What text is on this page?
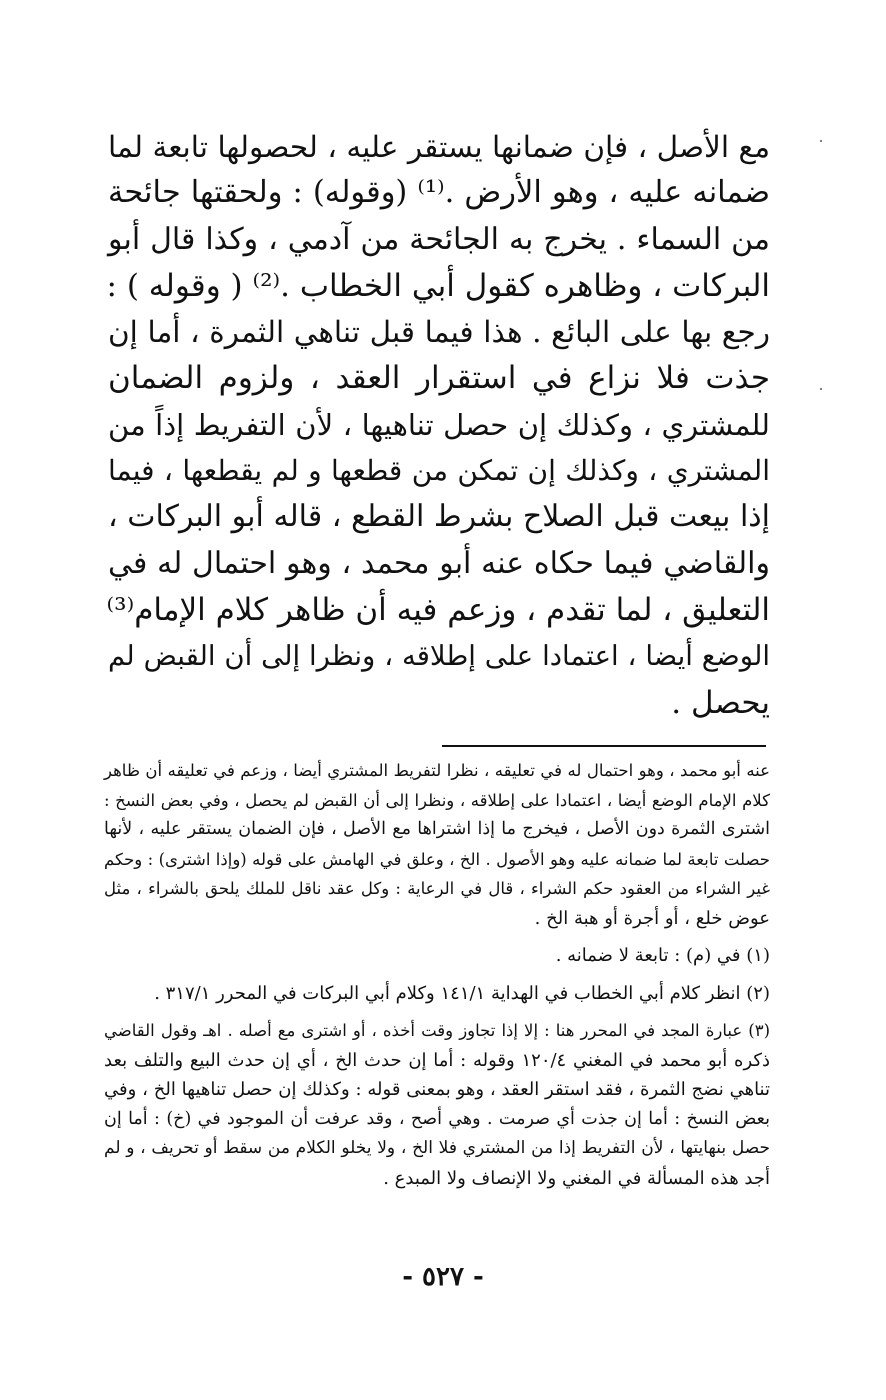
مع الأصل ، فإن ضمانها يستقر عليه ، لحصولها تابعة لما
ضمانه عليه ، وهو الأرض .⁽¹⁾ (وقوله) : ولحقتها جائحة
من السماء . يخرج به الجائحة من آدمي ، وكذا قال أبو
البركات ، وظاهره كقول أبي الخطاب .⁽²⁾ ( وقوله ) :
رجع بها على البائع . هذا فيما قبل تناهي الثمرة ، أما إن
جذت فلا نزاع في استقرار العقد ، ولزوم الضمان
للمشتري ، وكذلك إن حصل تناهيها ، لأن التفريط إذاً من
المشتري ، وكذلك إن تمكن من قطعها و لم يقطعها ، فيما
إذا بيعت قبل الصلاح بشرط القطع ، قاله أبو البركات ،
والقاضي فيما حكاه عنه أبو محمد ، وهو احتمال له في
التعليق ، لما تقدم ، وزعم فيه أن ظاهر كلام الإمام⁽³⁾
الوضع أيضا ، اعتمادا على إطلاقه ، ونظرا إلى أن القبض لم
يحصل .
عنه أبو محمد ، وهو احتمال له في تعليقه ، نظرا لتفريط المشتري أيضا ، وزعم في تعليقه أن ظاهر
كلام الإمام الوضع أيضا ، اعتمادا على إطلاقه ، ونظرا إلى أن القبض لم يحصل ، وفي بعض النسخ :
اشترى الثمرة دون الأصل ، فيخرج ما إذا اشتراها مع الأصل ، فإن الضمان يستقر عليه ، لأنها
حصلت تابعة لما ضمانه عليه وهو الأصول . الخ ، وعلق في الهامش على قوله (وإذا اشترى) : وحكم
غير الشراء من العقود حكم الشراء ، قال في الرعاية : وكل عقد ناقل للملك يلحق بالشراء ، مثل
عوض خلع ، أو أجرة أو هبة الخ .
(١) في (م) : تابعة لا ضمانه .
(٢) انظر كلام أبي الخطاب في الهداية ١٤١/١ وكلام أبي البركات في المحرر ٣١٧/١ .
(٣) عبارة المجد في المحرر هنا : إلا إذا تجاوز وقت أخذه ، أو اشترى مع أصله . اهـ وقول القاضي
ذكره أبو محمد في المغني ١٢٠/٤ وقوله : أما إن حدث الخ ، أي إن حدث البيع والتلف بعد
تناهي نضج الثمرة ، فقد استقر العقد ، وهو بمعنى قوله : وكذلك إن حصل تناهيها الخ ، وفي
بعض النسخ : أما إن جذت أي صرمت . وهي أصح ، وقد عرفت أن الموجود في (خ) : أما إن
حصل بنهايتها ، لأن التفريط إذا من المشتري فلا الخ ، ولا يخلو الكلام من سقط أو تحريف ، و لم
أجد هذه المسألة في المغني ولا الإنصاف ولا المبدع .
- ٥٢٧ -
